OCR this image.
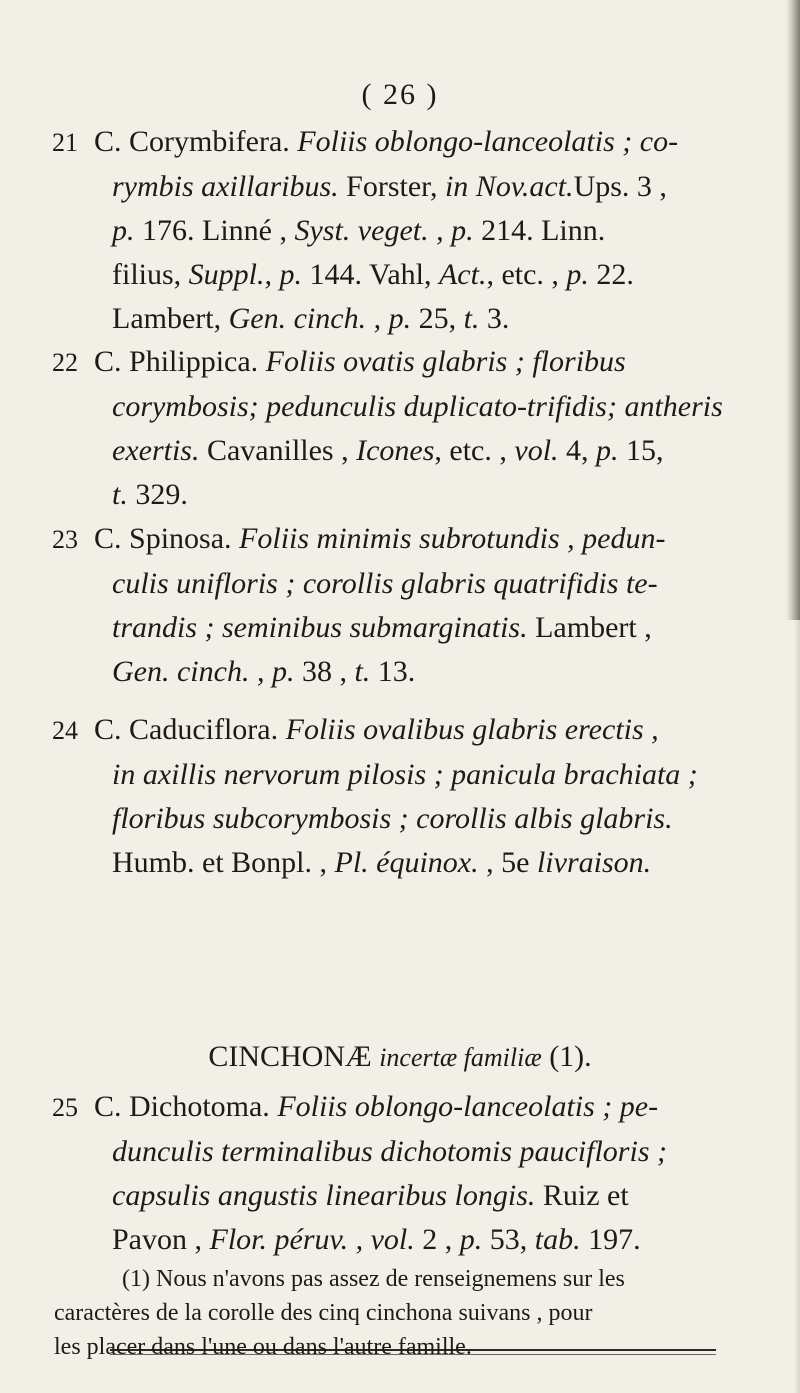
( 26 )
21 C. Corymbifera. Foliis oblongo-lanceolatis ; co-
rymbis axillaribus. Forster, in Nov.act.Ups. 3 ,
p. 176. Linné , Syst. veget. , p. 214. Linn.
filius, Suppl., p. 144. Vahl, Act., etc. , p. 22.
Lambert, Gen. cinch. , p. 25, t. 3.
22 C. Philippica. Foliis ovatis glabris ; floribus
corymbosis; pedunculis duplicato-trifidis; antheris
exertis. Cavanilles , Icones, etc. , vol. 4, p. 15,
t. 329.
23 C. Spinosa. Foliis minimis subrotundis , pedun-
culis unifloris ; corollis glabris quatrifidis te-
trandis ; seminibus submarginatis. Lambert ,
Gen. cinch. , p. 38 , t. 13.
24 C. Caduciflora. Foliis ovalibus glabris erectis ,
in axillis nervorum pilosis ; panicula brachiata ;
floribus subcorymbosis ; corollis albis glabris.
Humb. et Bonpl. , Pl. équinox. , 5e livraison.
CINCHONÆ incertæ familiæ (1).
25 C. Dichotoma. Foliis oblongo-lanceolatis ; pe-
dunculis terminalibus dichotomis paucifloris ;
capsulis angustis linearibus longis. Ruiz et
Pavon , Flor. péruv. , vol. 2 , p. 53, tab. 197.
(1) Nous n'avons pas assez de renseignemens sur les
caractères de la corolle des cinq cinchona suivans , pour
les placer dans l'une ou dans l'autre famille.
